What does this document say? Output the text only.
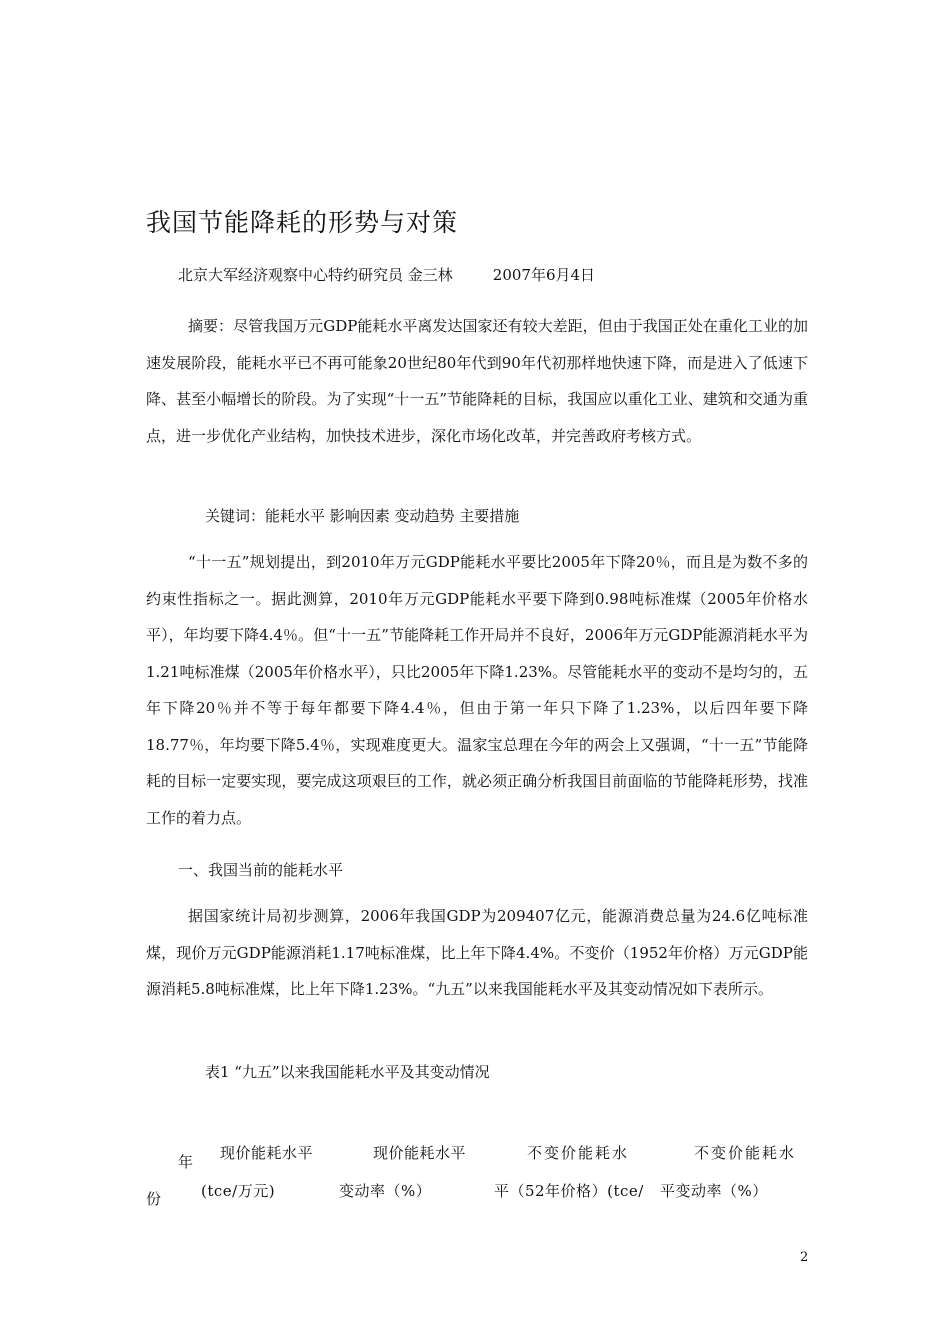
我国节能降耗的形势与对策
北京大军经济观察中心特约研究员 金三林	2007年6月4日

摘要：尽管我国万元GDP能耗水平离发达国家还有较大差距，但由于我国正处在重化工业的加速发展阶段，能耗水平已不再可能象20世纪80年代到90年代初那样地快速下降，而是进入了低速下降、甚至小幅增长的阶段。为了实现“十一五”节能降耗的目标，我国应以重化工业、建筑和交通为重点，进一步优化产业结构，加快技术进步，深化市场化改革，并完善政府考核方式。

关键词：能耗水平 影响因素 变动趋势 主要措施

“十一五”规划提出，到2010年万元GDP能耗水平要比2005年下降20％，而且是为数不多的约束性指标之一。据此测算，2010年万元GDP能耗水平要下降到0.98吨标准煤（2005年价格水平），年均要下降4.4％。但“十一五”节能降耗工作开局并不良好，2006年万元GDP能源消耗水平为1.21吨标准煤（2005年价格水平），只比2005年下降1.23%。尽管能耗水平的变动不是均匀的，五年下降20％并不等于每年都要下降4.4％，但由于第一年只下降了1.23%，以后四年要下降18.77％，年均要下降5.4％，实现难度更大。温家宝总理在今年的两会上又强调，“十一五”节能降耗的目标一定要实现，要完成这项艰巨的工作，就必须正确分析我国目前面临的节能降耗形势，找准工作的着力点。

一、我国当前的能耗水平

据国家统计局初步测算，2006年我国GDP为209407亿元，能源消费总量为24.6亿吨标准煤，现价万元GDP能源消耗1.17吨标准煤，比上年下降4.4%。不变价（1952年价格）万元GDP能源消耗5.8吨标准煤，比上年下降1.23%。“九五”以来我国能耗水平及其变动情况如下表所示。

表1 “九五”以来我国能耗水平及其变动情况
年
份
现价能耗水平
(tce/万元)
现价能耗水平
变动率（%）
不变价能耗水
平（52年价格）(tce/
不变价能耗水
平变动率（%）
2
